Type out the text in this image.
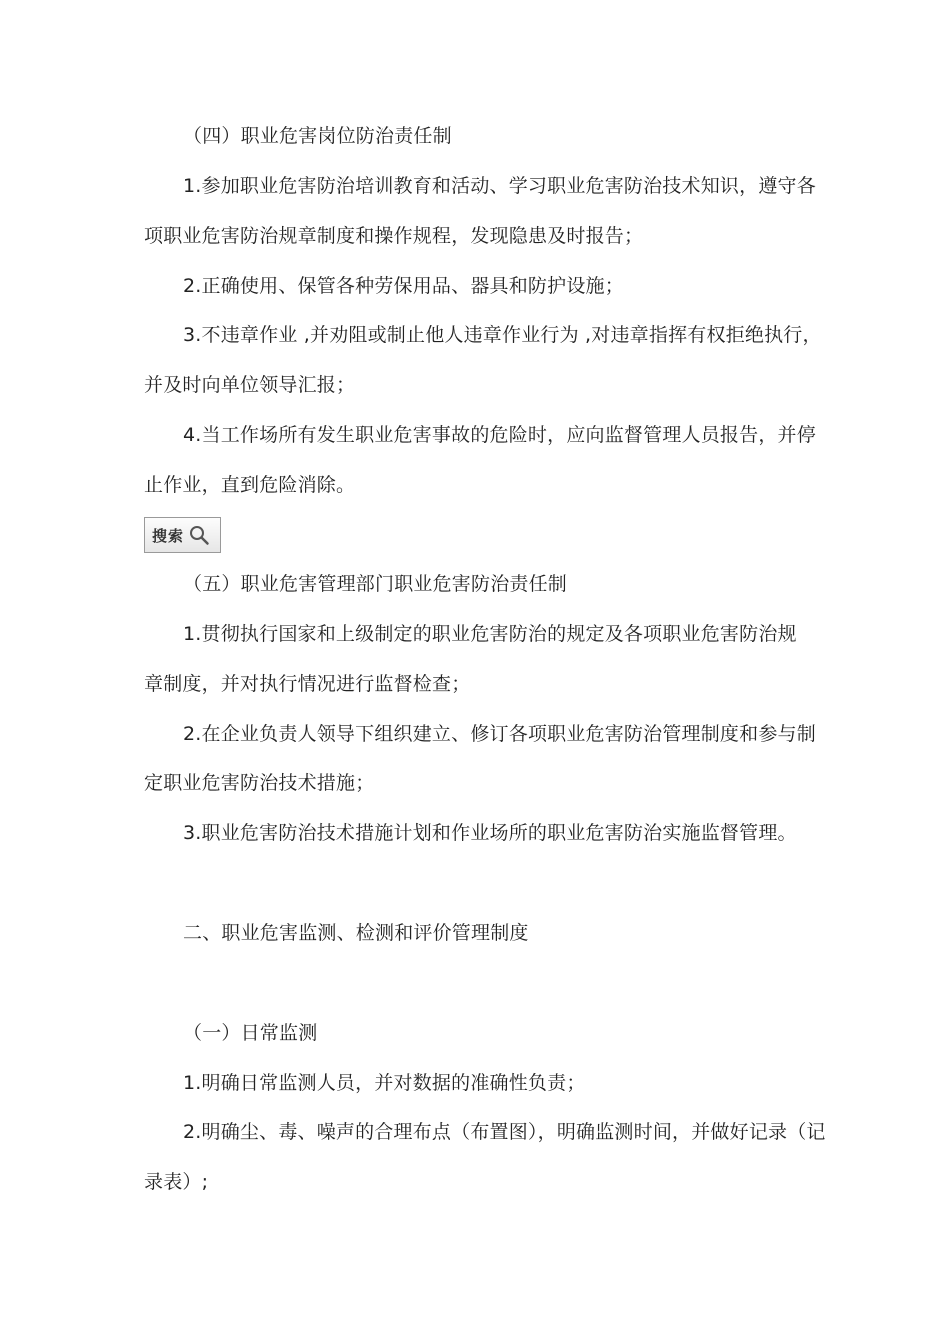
（四）职业危害岗位防治责任制
1.参加职业危害防治培训教育和活动、学习职业危害防治技术知识，遵守各
项职业危害防治规章制度和操作规程，发现隐患及时报告；
2.正确使用、保管各种劳保用品、器具和防护设施；
3.不违章作业 ,并劝阻或制止他人违章作业行为 ,对违章指挥有权拒绝执行，
并及时向单位领导汇报；
4.当工作场所有发生职业危害事故的危险时，应向监督管理人员报告，并停
止作业，直到危险消除。
搜索
（五）职业危害管理部门职业危害防治责任制
1.贯彻执行国家和上级制定的职业危害防治的规定及各项职业危害防治规
章制度，并对执行情况进行监督检查；
2.在企业负责人领导下组织建立、修订各项职业危害防治管理制度和参与制
定职业危害防治技术措施；
3.职业危害防治技术措施计划和作业场所的职业危害防治实施监督管理。
二、职业危害监测、检测和评价管理制度
（一）日常监测
1.明确日常监测人员，并对数据的准确性负责；
2.明确尘、毒、噪声的合理布点（布置图），明确监测时间，并做好记录（记
录表）;
